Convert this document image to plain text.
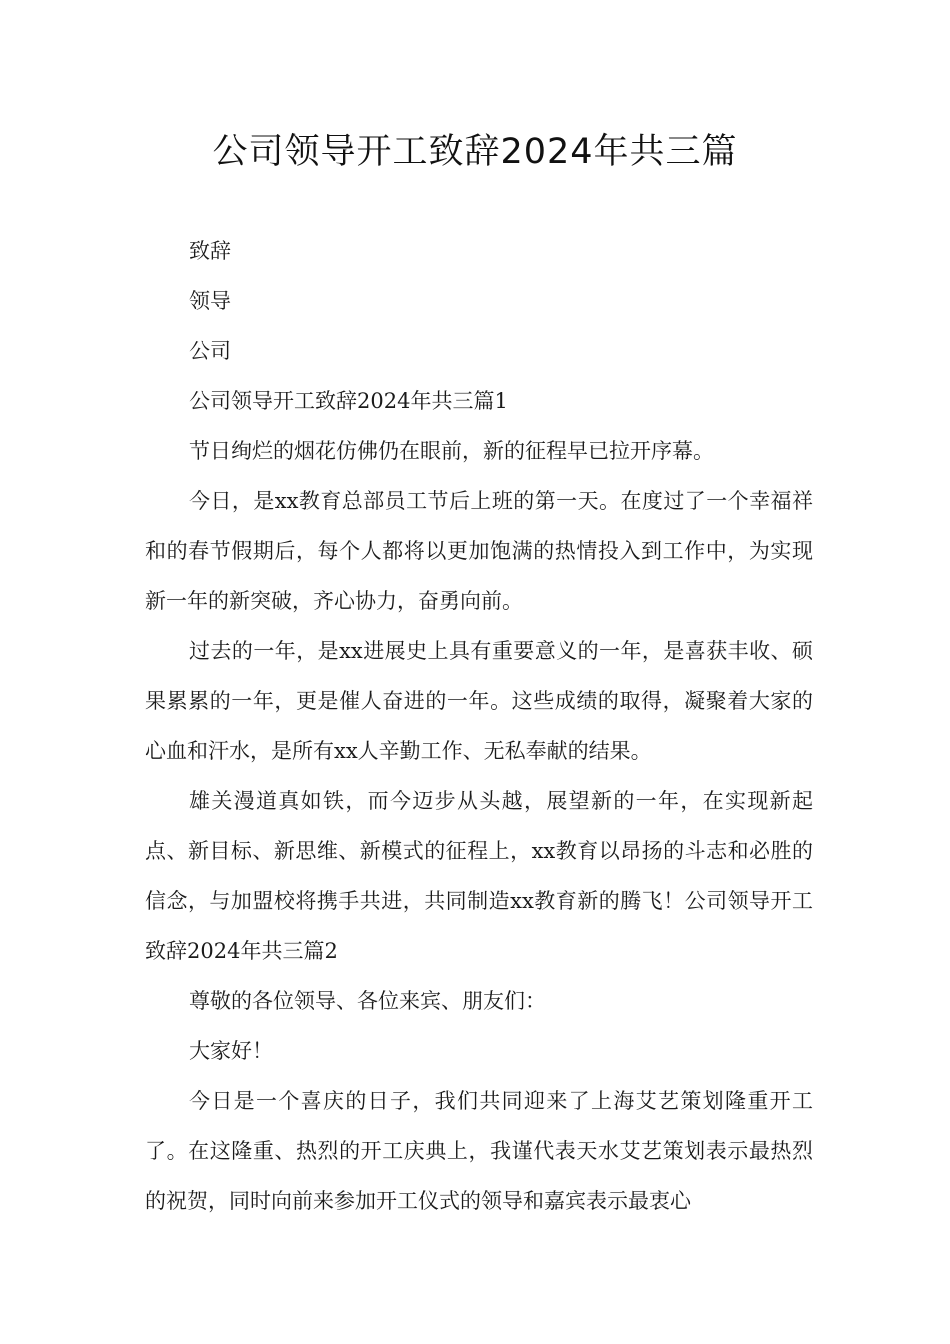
公司领导开工致辞2024年共三篇

致辞

领导

公司

公司领导开工致辞2024年共三篇1

节日绚烂的烟花仿佛仍在眼前，新的征程早已拉开序幕。

今日，是xx教育总部员工节后上班的第一天。在度过了一个幸福祥和的春节假期后，每个人都将以更加饱满的热情投入到工作中，为实现新一年的新突破，齐心协力，奋勇向前。

过去的一年，是xx进展史上具有重要意义的一年，是喜获丰收、硕果累累的一年，更是催人奋进的一年。这些成绩的取得，凝聚着大家的心血和汗水，是所有xx人辛勤工作、无私奉献的结果。

雄关漫道真如铁，而今迈步从头越，展望新的一年，在实现新起点、新目标、新思维、新模式的征程上，xx教育以昂扬的斗志和必胜的信念，与加盟校将携手共进，共同制造xx教育新的腾飞！公司领导开工致辞2024年共三篇2

尊敬的各位领导、各位来宾、朋友们：

大家好！

今日是一个喜庆的日子，我们共同迎来了上海艾艺策划隆重开工了。在这隆重、热烈的开工庆典上，我谨代表天水艾艺策划表示最热烈的祝贺，同时向前来参加开工仪式的领导和嘉宾表示最衷心
